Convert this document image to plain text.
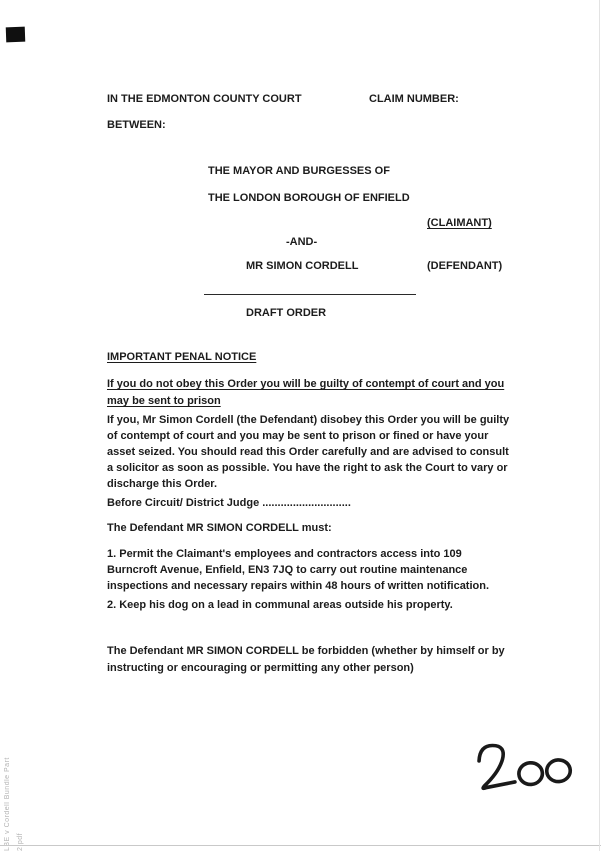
IN THE EDMONTON COUNTY COURT	CLAIM NUMBER:
BETWEEN:
THE MAYOR AND BURGESSES OF
THE LONDON BOROUGH OF ENFIELD
(CLAIMANT)
-AND-
MR SIMON CORDELL	(DEFENDANT)
DRAFT ORDER
IMPORTANT PENAL NOTICE
If you do not obey this Order you will be guilty of contempt of court and you may be sent to prison
If you, Mr Simon Cordell (the Defendant) disobey this Order you will be guilty of contempt of court and you may be sent to prison or fined or have your asset seized. You should read this Order carefully and are advised to consult a solicitor as soon as possible. You have the right to ask the Court to vary or discharge this Order.
Before Circuit/ District Judge .............................
The Defendant MR SIMON CORDELL must:
1. Permit the Claimant's employees and contractors access into 109 Burncroft Avenue, Enfield, EN3 7JQ to carry out routine maintenance inspections and necessary repairs within 48 hours of written notification.
2. Keep his dog on a lead in communal areas outside his property.
The Defendant MR SIMON CORDELL be forbidden (whether by himself or by instructing or encouraging or permitting any other person)
LBE v Cordell Bundle Part 2.pdf
